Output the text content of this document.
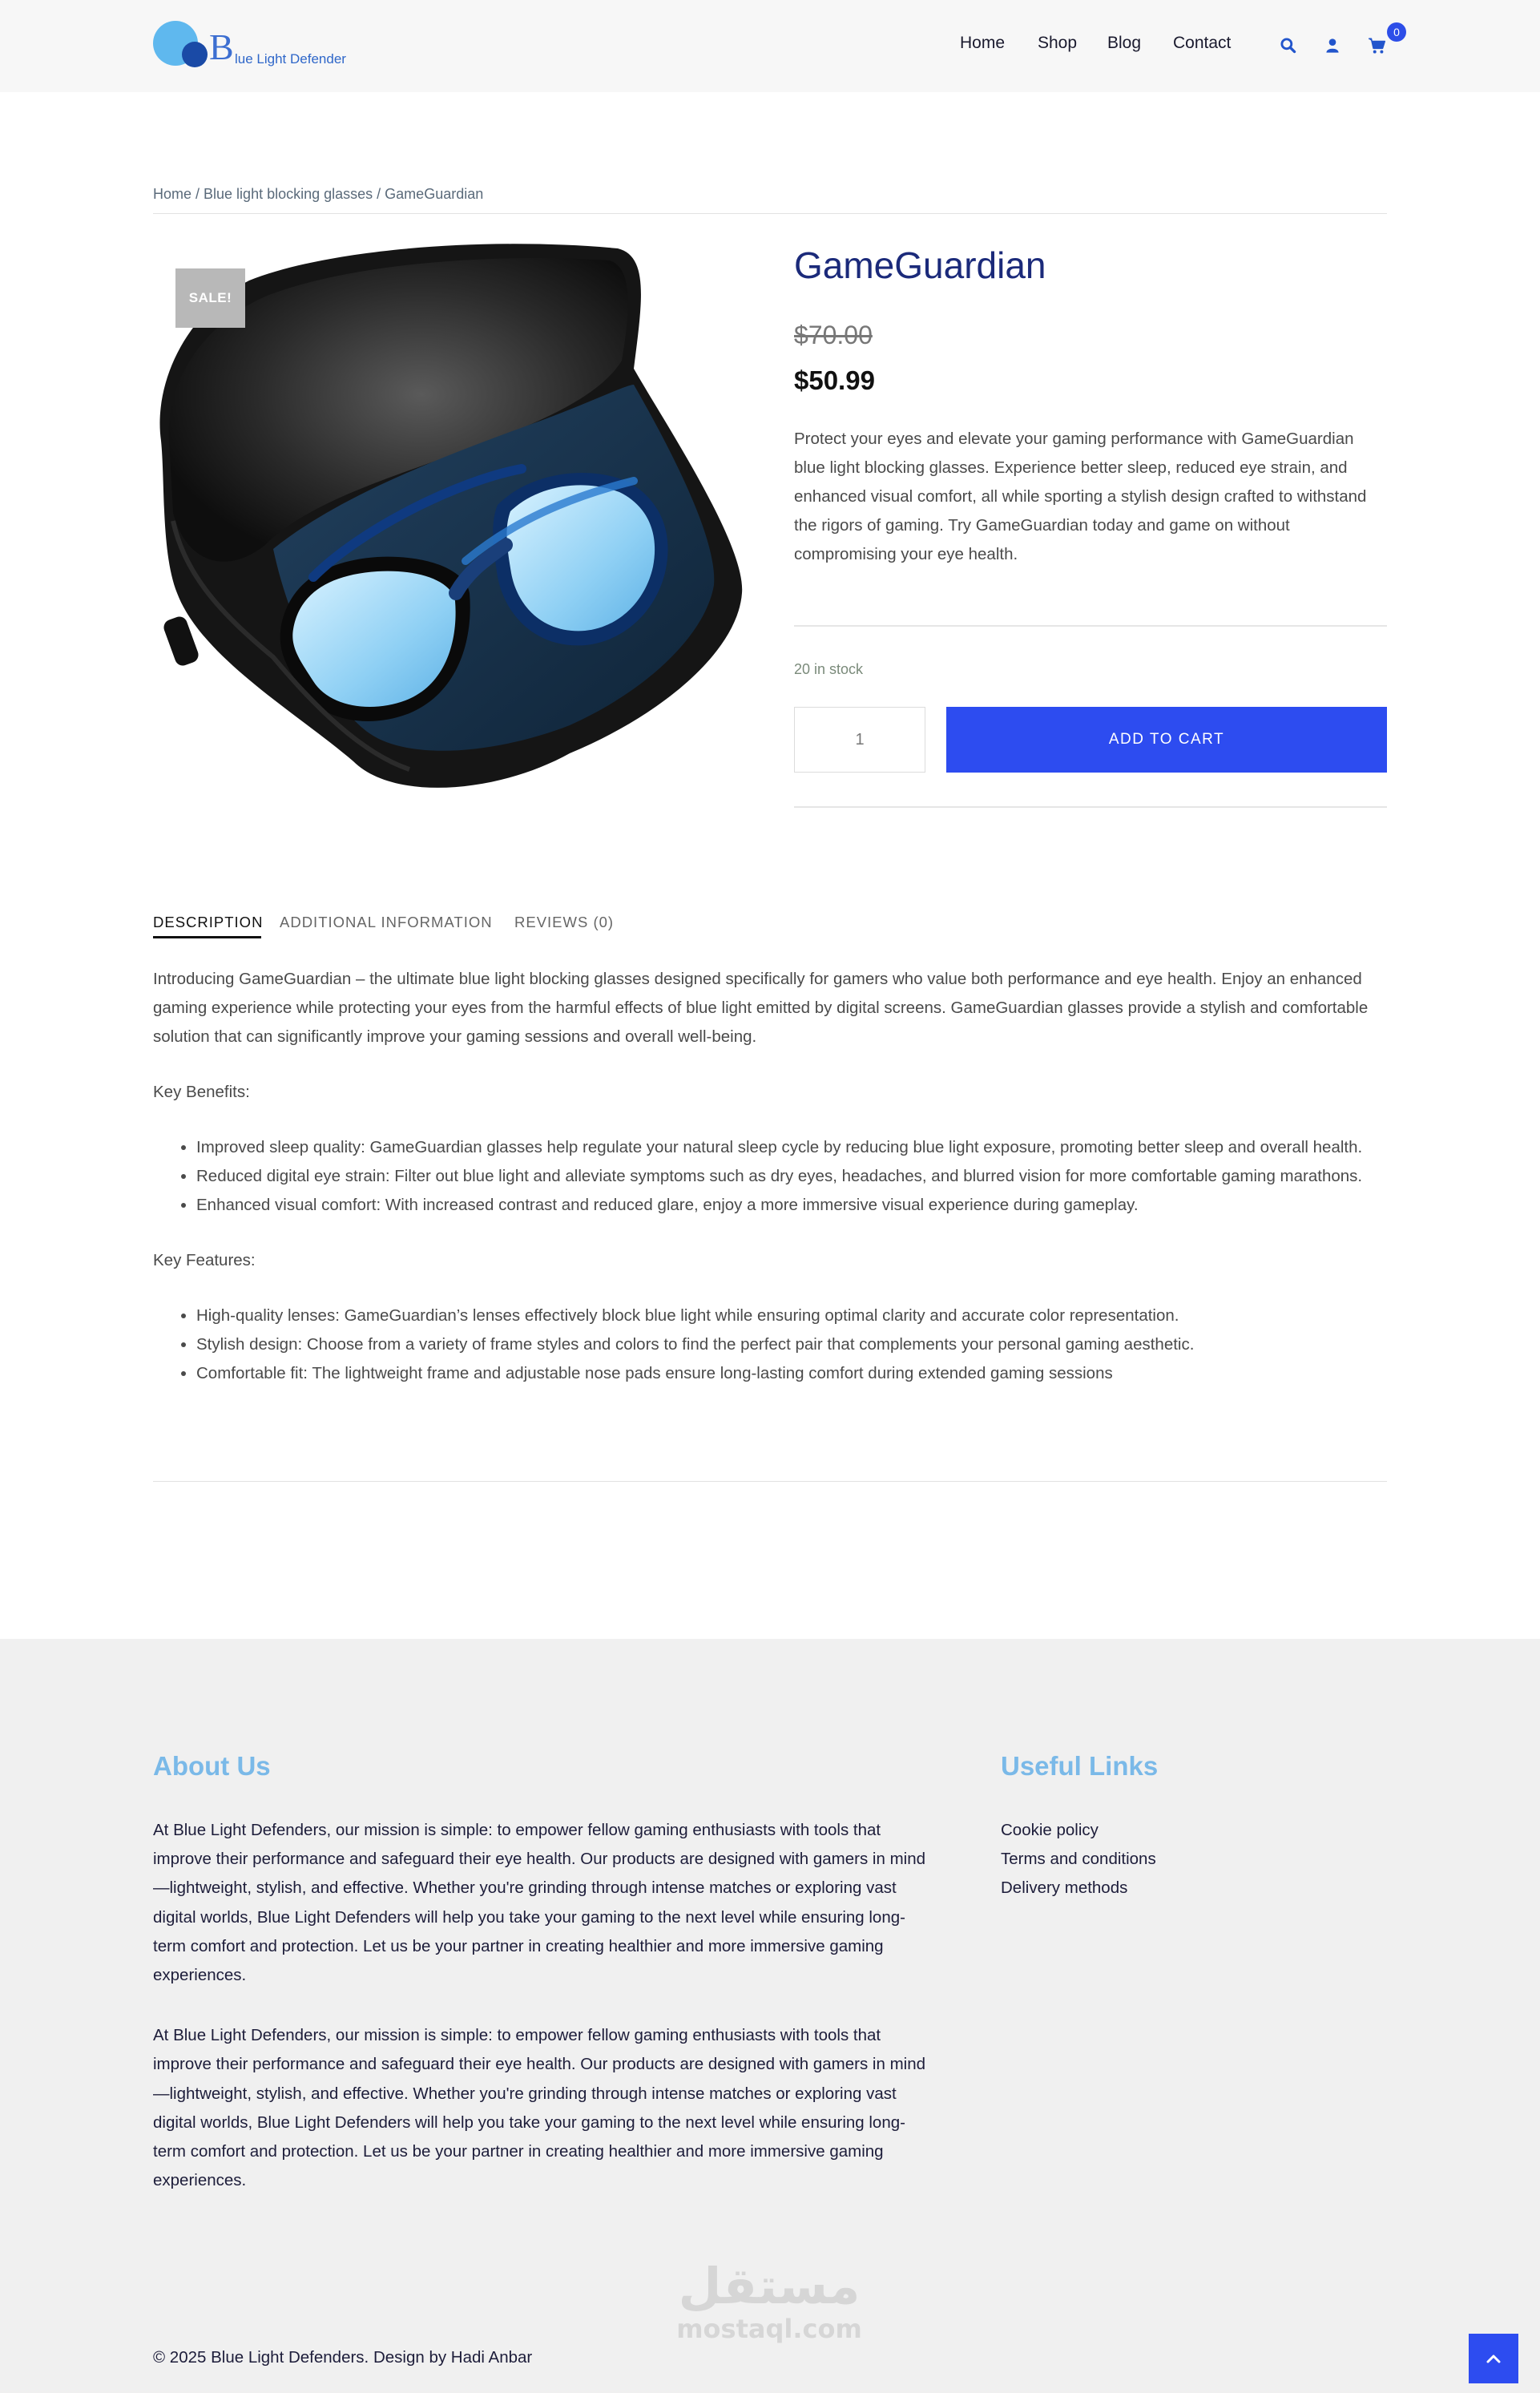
B lue Light Defender
Home Shop Blog Contact
0
Home / Blue light blocking glasses / GameGuardian
SALE!
GameGuardian
$70.00
$50.99

Protect your eyes and elevate your gaming performance with GameGuardian blue light blocking glasses. Experience better sleep, reduced eye strain, and enhanced visual comfort, all while sporting a stylish design crafted to withstand the rigors of gaming. Try GameGuardian today and game on without compromising your eye health.

20 in stock
1	ADD TO CART
DESCRIPTION ADDITIONAL INFORMATION REVIEWS (0)

Introducing GameGuardian – the ultimate blue light blocking glasses designed specifically for gamers who value both performance and eye health. Enjoy an enhanced gaming experience while protecting your eyes from the harmful effects of blue light emitted by digital screens. GameGuardian glasses provide a stylish and comfortable solution that can significantly improve your gaming sessions and overall well-being.

Key Benefits:

• Improved sleep quality: GameGuardian glasses help regulate your natural sleep cycle by reducing blue light exposure, promoting better sleep and overall health.
• Reduced digital eye strain: Filter out blue light and alleviate symptoms such as dry eyes, headaches, and blurred vision for more comfortable gaming marathons.
• Enhanced visual comfort: With increased contrast and reduced glare, enjoy a more immersive visual experience during gameplay.

Key Features:

• High-quality lenses: GameGuardian’s lenses effectively block blue light while ensuring optimal clarity and accurate color representation.
• Stylish design: Choose from a variety of frame styles and colors to find the perfect pair that complements your personal gaming aesthetic.
• Comfortable fit: The lightweight frame and adjustable nose pads ensure long-lasting comfort during extended gaming sessions
About Us	Useful Links

At Blue Light Defenders, our mission is simple: to empower fellow gaming enthusiasts with tools that improve their performance and safeguard their eye health. Our products are designed with gamers in mind—lightweight, stylish, and effective. Whether you're grinding through intense matches or exploring vast digital worlds, Blue Light Defenders will help you take your gaming to the next level while ensuring long-term comfort and protection. Let us be your partner in creating healthier and more immersive gaming experiences.

At Blue Light Defenders, our mission is simple: to empower fellow gaming enthusiasts with tools that improve their performance and safeguard their eye health. Our products are designed with gamers in mind—lightweight, stylish, and effective. Whether you're grinding through intense matches or exploring vast digital worlds, Blue Light Defenders will help you take your gaming to the next level while ensuring long-term comfort and protection. Let us be your partner in creating healthier and more immersive gaming experiences.

Cookie policy
Terms and conditions
Delivery methods
مستقل
mostaql.com
© 2025 Blue Light Defenders. Design by Hadi Anbar
